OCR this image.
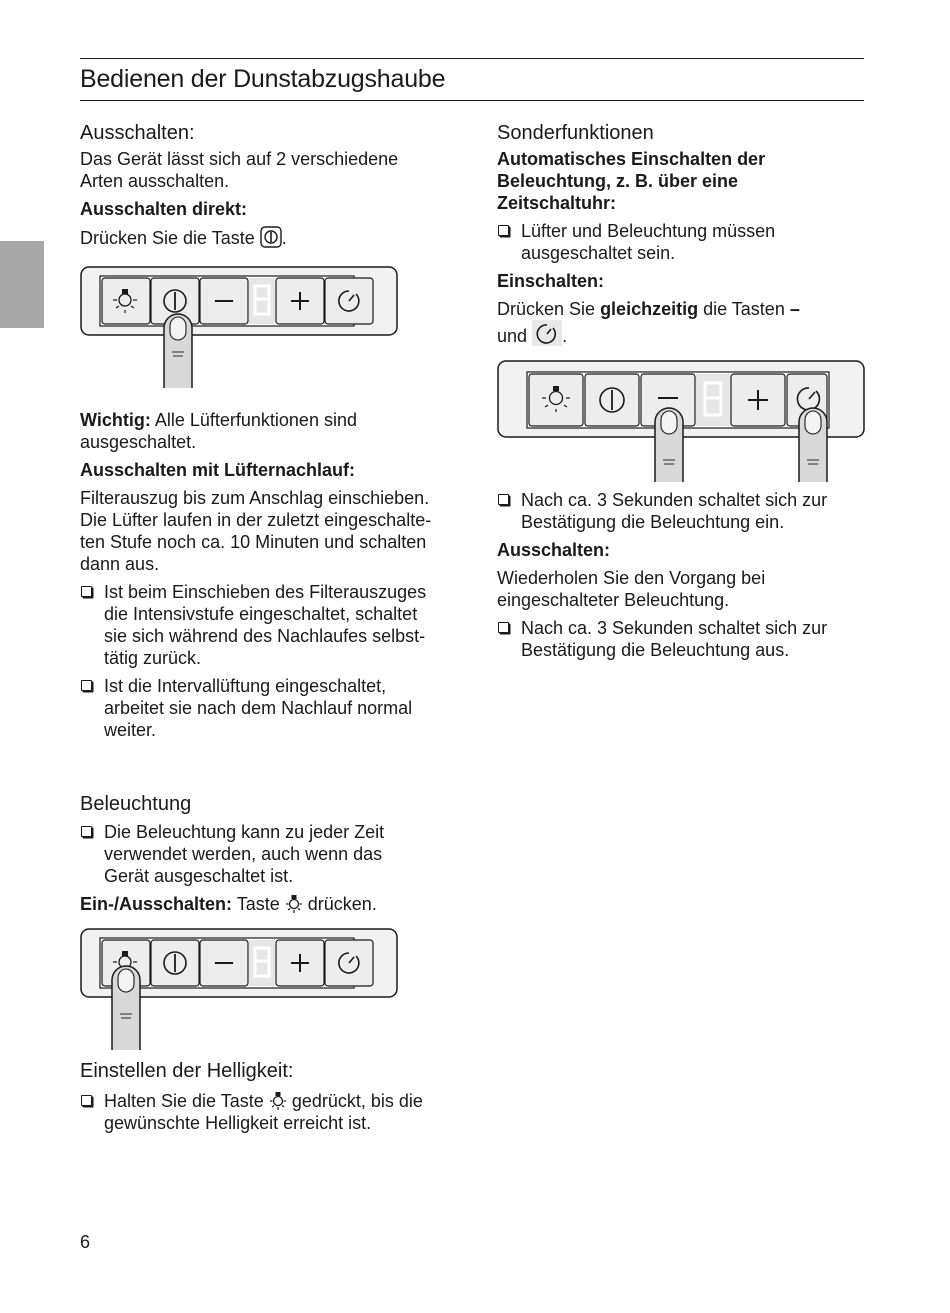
Bedienen der Dunstabzugshaube
Ausschalten:

Das Gerät lässt sich auf 2 verschiedene Arten ausschalten.

Ausschalten direkt:

Drücken Sie die Taste .

Wichtig: Alle Lüfterfunktionen sind ausgeschaltet.

Ausschalten mit Lüfternachlauf:

Filterauszug bis zum Anschlag einschieben.
Die Lüfter laufen in der zuletzt eingeschalte-
ten Stufe noch ca. 10 Minuten und schalten
dann aus.

Ist beim Einschieben des Filterauszuges
die Intensivstufe eingeschaltet, schaltet
sie sich während des Nachlaufes selbst-
tätig zurück.
Ist die Intervallüftung eingeschaltet,
arbeitet sie nach dem Nachlauf normal
weiter.
Beleuchtung
Die Beleuchtung kann zu jeder Zeit
verwendet werden, auch wenn das
Gerät ausgeschaltet ist.

Ein-/Ausschalten: Taste drücken.

Einstellen der Helligkeit:
Halten Sie die Taste gedrückt, bis die
gewünschte Helligkeit erreicht ist.
Sonderfunktionen

Automatisches Einschalten der
Beleuchtung, z. B. über eine
Zeitschaltuhr:

Lüfter und Beleuchtung müssen
ausgeschaltet sein.

Einschalten:

Drücken Sie gleichzeitig die Tasten –
und .

Nach ca. 3 Sekunden schaltet sich zur
Bestätigung die Beleuchtung ein.

Ausschalten:

Wiederholen Sie den Vorgang bei
eingeschalteter Beleuchtung.

Nach ca. 3 Sekunden schaltet sich zur
Bestätigung die Beleuchtung aus.
6
